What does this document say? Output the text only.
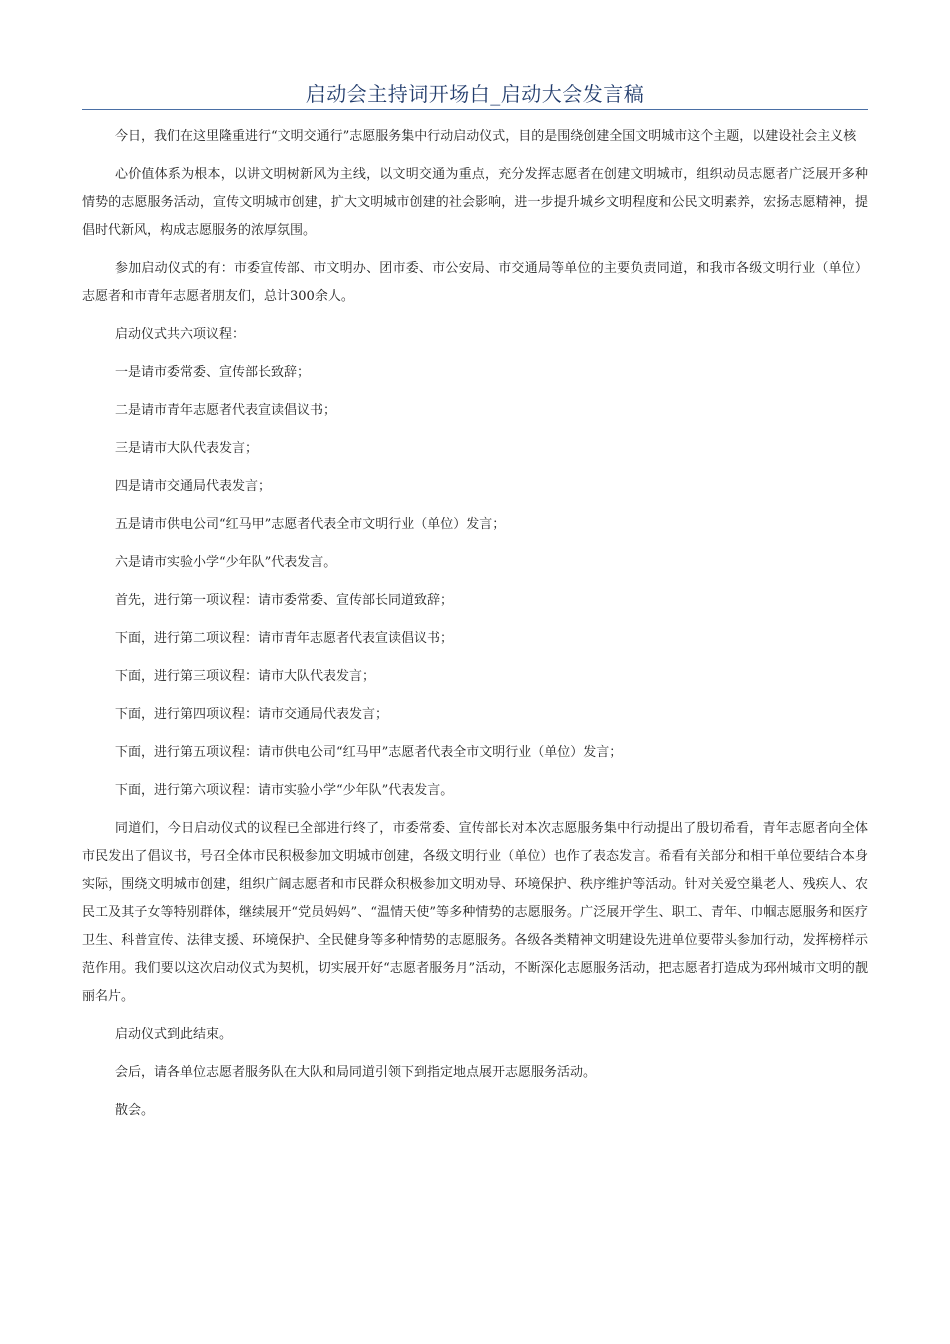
启动会主持词开场白_启动大会发言稿

今日，我们在这里隆重进行“文明交通行”志愿服务集中行动启动仪式，目的是围绕创建全国文明城市这个主题，以建设社会主义核

心价值体系为根本，以讲文明树新风为主线，以文明交通为重点，充分发挥志愿者在创建文明城市，组织动员志愿者广泛展开多种情势的志愿服务活动，宣传文明城市创建，扩大文明城市创建的社会影响，进一步提升城乡文明程度和公民文明素养，宏扬志愿精神，提倡时代新风，构成志愿服务的浓厚氛围。

参加启动仪式的有：市委宣传部、市文明办、团市委、市公安局、市交通局等单位的主要负责同道，和我市各级文明行业（单位）志愿者和市青年志愿者朋友们，总计300余人。

启动仪式共六项议程：

一是请市委常委、宣传部长致辞；

二是请市青年志愿者代表宣读倡议书；

三是请市大队代表发言；

四是请市交通局代表发言；

五是请市供电公司“红马甲”志愿者代表全市文明行业（单位）发言；

六是请市实验小学“少年队”代表发言。

首先，进行第一项议程：请市委常委、宣传部长同道致辞；

下面，进行第二项议程：请市青年志愿者代表宣读倡议书；

下面，进行第三项议程：请市大队代表发言；

下面，进行第四项议程：请市交通局代表发言；

下面，进行第五项议程：请市供电公司“红马甲”志愿者代表全市文明行业（单位）发言；

下面，进行第六项议程：请市实验小学“少年队”代表发言。

同道们，今日启动仪式的议程已全部进行终了，市委常委、宣传部长对本次志愿服务集中行动提出了殷切希看，青年志愿者向全体市民发出了倡议书，号召全体市民积极参加文明城市创建，各级文明行业（单位）也作了表态发言。希看有关部分和相干单位要结合本身实际，围绕文明城市创建，组织广阔志愿者和市民群众积极参加文明劝导、环境保护、秩序维护等活动。针对关爱空巢老人、残疾人、农民工及其子女等特别群体，继续展开“党员妈妈”、“温情天使”等多种情势的志愿服务。广泛展开学生、职工、青年、巾帼志愿服务和医疗卫生、科普宣传、法律支援、环境保护、全民健身等多种情势的志愿服务。各级各类精神文明建设先进单位要带头参加行动，发挥榜样示范作用。我们要以这次启动仪式为契机，切实展开好“志愿者服务月”活动，不断深化志愿服务活动，把志愿者打造成为邳州城市文明的靓丽名片。

启动仪式到此结束。

会后，请各单位志愿者服务队在大队和局同道引领下到指定地点展开志愿服务活动。

散会。
